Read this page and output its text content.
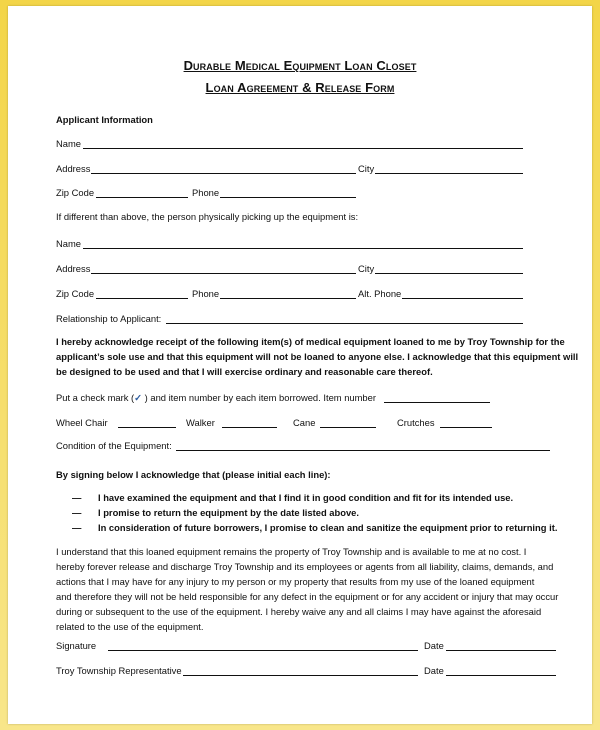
Durable Medical Equipment Loan Closet
Loan Agreement & Release Form
Applicant Information
Name
Address	City
Zip Code	Phone
If different than above, the person physically picking up the equipment is:
Name
Address	City
Zip Code	Phone	Alt. Phone
Relationship to Applicant:
I hereby acknowledge receipt of the following item(s) of medical equipment loaned to me by Troy Township for the
applicant’s sole use and that this equipment will not be loaned to anyone else. I acknowledge that this equipment will
be designed to be used and that I will exercise ordinary and reasonable care thereof.
Put a check mark (✓ ) and item number by each item borrowed. Item number
Wheel Chair	Walker	Cane	Crutches
Condition of the Equipment:
By signing below I acknowledge that (please initial each line):
— I have examined the equipment and that I find it in good condition and fit for its intended use.
— I promise to return the equipment by the date listed above.
— In consideration of future borrowers, I promise to clean and sanitize the equipment prior to returning it.
I understand that this loaned equipment remains the property of Troy Township and is available to me at no cost. I
hereby forever release and discharge Troy Township and its employees or agents from all liability, claims, demands, and
actions that I may have for any injury to my person or my property that results from my use of the loaned equipment
and therefore they will not be held responsible for any defect in the equipment or for any accident or injury that may occur
during or subsequent to the use of the equipment. I hereby waive any and all claims I may have against the aforesaid
related to the use of the equipment.
Signature	Date
Troy Township Representative	Date
